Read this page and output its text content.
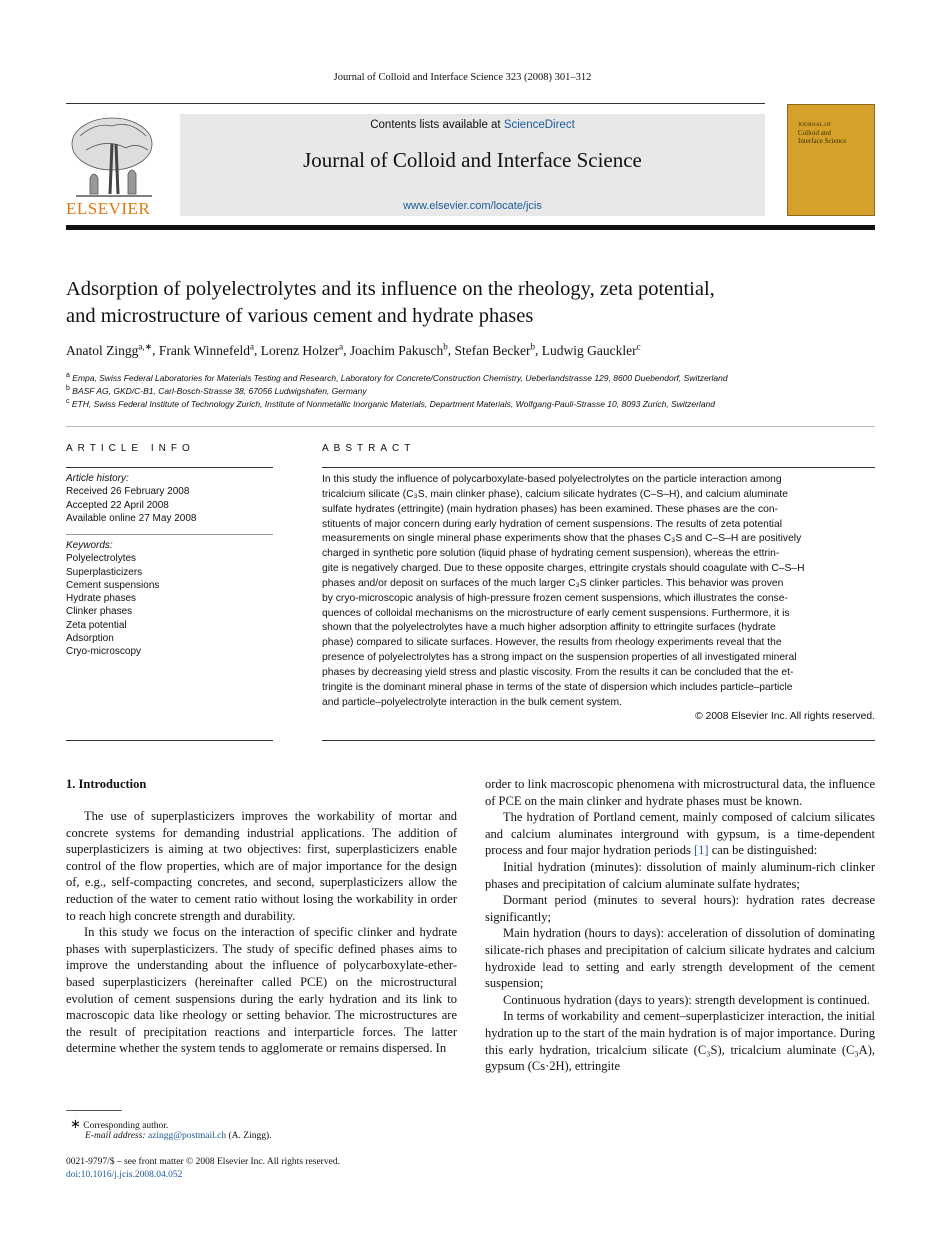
Journal of Colloid and Interface Science 323 (2008) 301–312
ELSEVIER
Contents lists available at ScienceDirect
Journal of Colloid and Interface Science
www.elsevier.com/locate/jcis
JOURNAL OF
Colloid and
Interface Science
Adsorption of polyelectrolytes and its influence on the rheology, zeta potential,
and microstructure of various cement and hydrate phases
Anatol Zingg$^{a,∗}$, Frank Winnefeld$^a$, Lorenz Holzer$^a$, Joachim Pakusch$^b$, Stefan Becker$^b$, Ludwig Gauckler$^c$
$^a$ Empa, Swiss Federal Laboratories for Materials Testing and Research, Laboratory for Concrete/Construction Chemistry, Ueberlandstrasse 129, 8600 Duebendorf, Switzerland
$^b$ BASF AG, GKD/C-B1, Carl-Bosch-Strasse 38, 67056 Ludwigshafen, Germany
$^c$ ETH, Swiss Federal Institute of Technology Zurich, Institute of Nonmetallic Inorganic Materials, Department Materials, Wolfgang-Pauli-Strasse 10, 8093 Zurich, Switzerland
ARTICLE INFO
Article history:
Received 26 February 2008
Accepted 22 April 2008
Available online 27 May 2008
Keywords:
Polyelectrolytes
Superplasticizers
Cement suspensions
Hydrate phases
Clinker phases
Zeta potential
Adsorption
Cryo-microscopy
ABSTRACT
In this study the influence of polycarboxylate-based polyelectrolytes on the particle interaction among
tricalcium silicate (C₃S, main clinker phase), calcium silicate hydrates (C–S–H), and calcium aluminate
sulfate hydrates (ettringite) (main hydration phases) has been examined. These phases are the con-
stituents of major concern during early hydration of cement suspensions. The results of zeta potential
measurements on single mineral phase experiments show that the phases C₃S and C–S–H are positively
charged in synthetic pore solution (liquid phase of hydrating cement suspension), whereas the ettrin-
gite is negatively charged. Due to these opposite charges, ettringite crystals should coagulate with C–S–H
phases and/or deposit on surfaces of the much larger C₃S clinker particles. This behavior was proven
by cryo-microscopic analysis of high-pressure frozen cement suspensions, which illustrates the conse-
quences of colloidal mechanisms on the microstructure of early cement suspensions. Furthermore, it is
shown that the polyelectrolytes have a much higher adsorption affinity to ettringite surfaces (hydrate
phase) compared to silicate surfaces. However, the results from rheology experiments reveal that the
presence of polyelectrolytes has a strong impact on the suspension properties of all investigated mineral
phases by decreasing yield stress and plastic viscosity. From the results it can be concluded that the et-
tringite is the dominant mineral phase in terms of the state of dispersion which includes particle–particle
and particle–polyelectrolyte interaction in the bulk cement system.
© 2008 Elsevier Inc. All rights reserved.
1. Introduction

The use of superplasticizers improves the workability of mortar and concrete systems for demanding industrial applications. The addition of superplasticizers is aiming at two objectives: first, superplasticizers enable control of the flow properties, which are of major importance for the design of, e.g., self-compacting concretes, and second, superplasticizers allow the reduction of the water to cement ratio without losing the workability in order to reach high concrete strength and durability.

In this study we focus on the interaction of specific clinker and hydrate phases with superplasticizers. The study of specific defined phases aims to improve the understanding about the influence of polycarboxylate-ether-based superplasticizers (hereinafter called PCE) on the microstructural evolution of cement suspensions during the early hydration and its link to macroscopic data like rheology or setting behavior. The microstructures are the result of precipitation reactions and interparticle forces. The latter determine whether the system tends to agglomerate or remains dispersed. In

order to link macroscopic phenomena with microstructural data, the influence of PCE on the main clinker and hydrate phases must be known.

The hydration of Portland cement, mainly composed of calcium silicates and calcium aluminates interground with gypsum, is a time-dependent process and four major hydration periods [1] can be distinguished:

Initial hydration (minutes): dissolution of mainly aluminum-rich clinker phases and precipitation of calcium aluminate sulfate hydrates;

Dormant period (minutes to several hours): hydration rates decrease significantly;

Main hydration (hours to days): acceleration of dissolution of dominating silicate-rich phases and precipitation of calcium silicate hydrates and calcium hydroxide lead to setting and early strength development of the cement suspension;

Continuous hydration (days to years): strength development is continued.

In terms of workability and cement–superplasticizer interaction, the initial hydration up to the start of the main hydration is of major importance. During this early hydration, tricalcium silicate (C₃S), tricalcium aluminate (C₃A), gypsum (Cs·2H), ettringite

∗ Corresponding author.
E-mail address: azingg@postmail.ch (A. Zingg).
0021-9797/$ – see front matter © 2008 Elsevier Inc. All rights reserved.
doi:10.1016/j.jcis.2008.04.052
